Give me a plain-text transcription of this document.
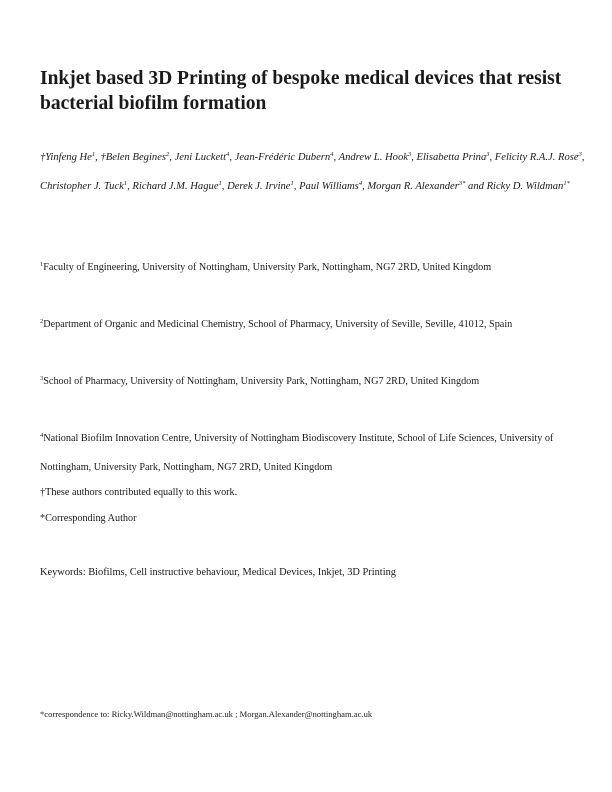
Inkjet based 3D Printing of bespoke medical devices that resist bacterial biofilm formation

†Yinfeng He$^1$, †Belen Begines$^2$, Jeni Luckett$^4$, Jean-Frédéric Dubern$^4$, Andrew L. Hook$^3$, Elisabetta Prina$^3$, Felicity R.A.J. Rose$^3$, Christopher J. Tuck$^1$, Richard J.M. Hague$^1$, Derek J. Irvine$^1$, Paul Williams$^4$, Morgan R. Alexander$^{3*}$ and Ricky D. Wildman$^{1*}$

$^1$Faculty of Engineering, University of Nottingham, University Park, Nottingham, NG7 2RD, United Kingdom

$^2$Department of Organic and Medicinal Chemistry, School of Pharmacy, University of Seville, Seville, 41012, Spain

$^3$School of Pharmacy, University of Nottingham, University Park, Nottingham, NG7 2RD, United Kingdom

$^4$National Biofilm Innovation Centre, University of Nottingham Biodiscovery Institute, School of Life Sciences, University of Nottingham, University Park, Nottingham, NG7 2RD, United Kingdom

†These authors contributed equally to this work.

*Corresponding Author

Keywords: Biofilms, Cell instructive behaviour, Medical Devices, Inkjet, 3D Printing

*correspondence to: Ricky.Wildman@nottingham.ac.uk ; Morgan.Alexander@nottingham.ac.uk
